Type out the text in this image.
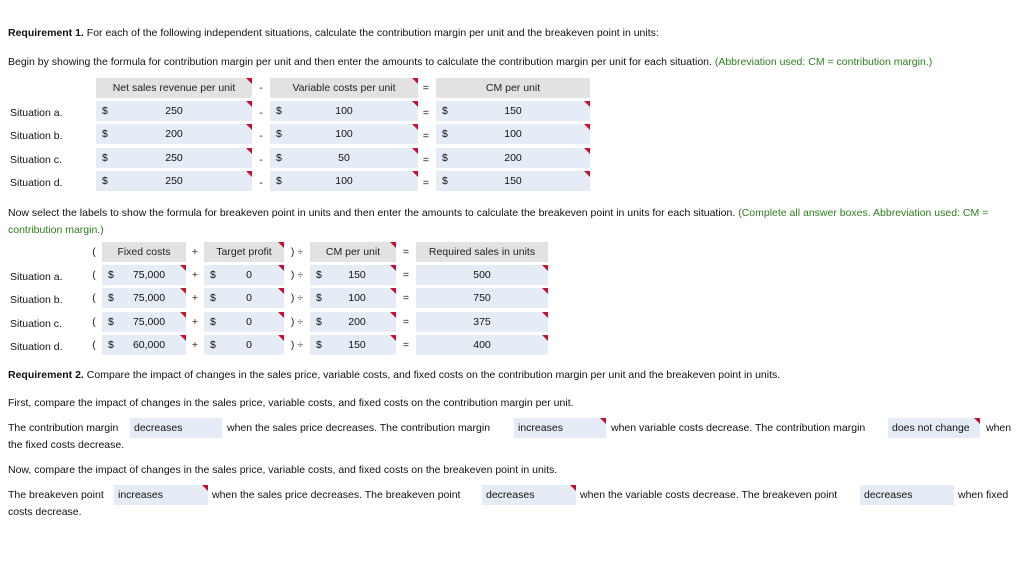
Requirement 1. For each of the following independent situations, calculate the contribution margin per unit and the breakeven point in units:
Begin by showing the formula for contribution margin per unit and then enter the amounts to calculate the contribution margin per unit for each situation. (Abbreviation used: CM = contribution margin.)
Net sales revenue per unit	-	Variable costs per unit	=	CM per unit
Situation a.	$	250	-	$	100	=	$	150
Situation b.	$	200	-	$	100	=	$	100
Situation c.	$	250	-	$	50	=	$	200
Situation d.	$	250	-	$	100	=	$	150
Now select the labels to show the formula for breakeven point in units and then enter the amounts to calculate the breakeven point in units for each situation. (Complete all answer boxes. Abbreviation used: CM = contribution margin.)
(	Fixed costs	+	Target profit	) ÷	CM per unit	=	Required sales in units
Situation a.	(	$	75,000	+	$	0	) ÷	$	150	=	500
Situation b.	(	$	75,000	+	$	0	) ÷	$	100	=	750
Situation c.	(	$	75,000	+	$	0	) ÷	$	200	=	375
Situation d.	(	$	60,000	+	$	0	) ÷	$	150	=	400
Requirement 2. Compare the impact of changes in the sales price, variable costs, and fixed costs on the contribution margin per unit and the breakeven point in units.
First, compare the impact of changes in the sales price, variable costs, and fixed costs on the contribution margin per unit.
The contribution margin	decreases	when the sales price decreases. The contribution margin	increases	when variable costs decrease. The contribution margin	does not change	when
the fixed costs decrease.
Now, compare the impact of changes in the sales price, variable costs, and fixed costs on the breakeven point in units.
The breakeven point	increases	when the sales price decreases. The breakeven point	decreases	when the variable costs decrease. The breakeven point	decreases	when fixed
costs decrease.
